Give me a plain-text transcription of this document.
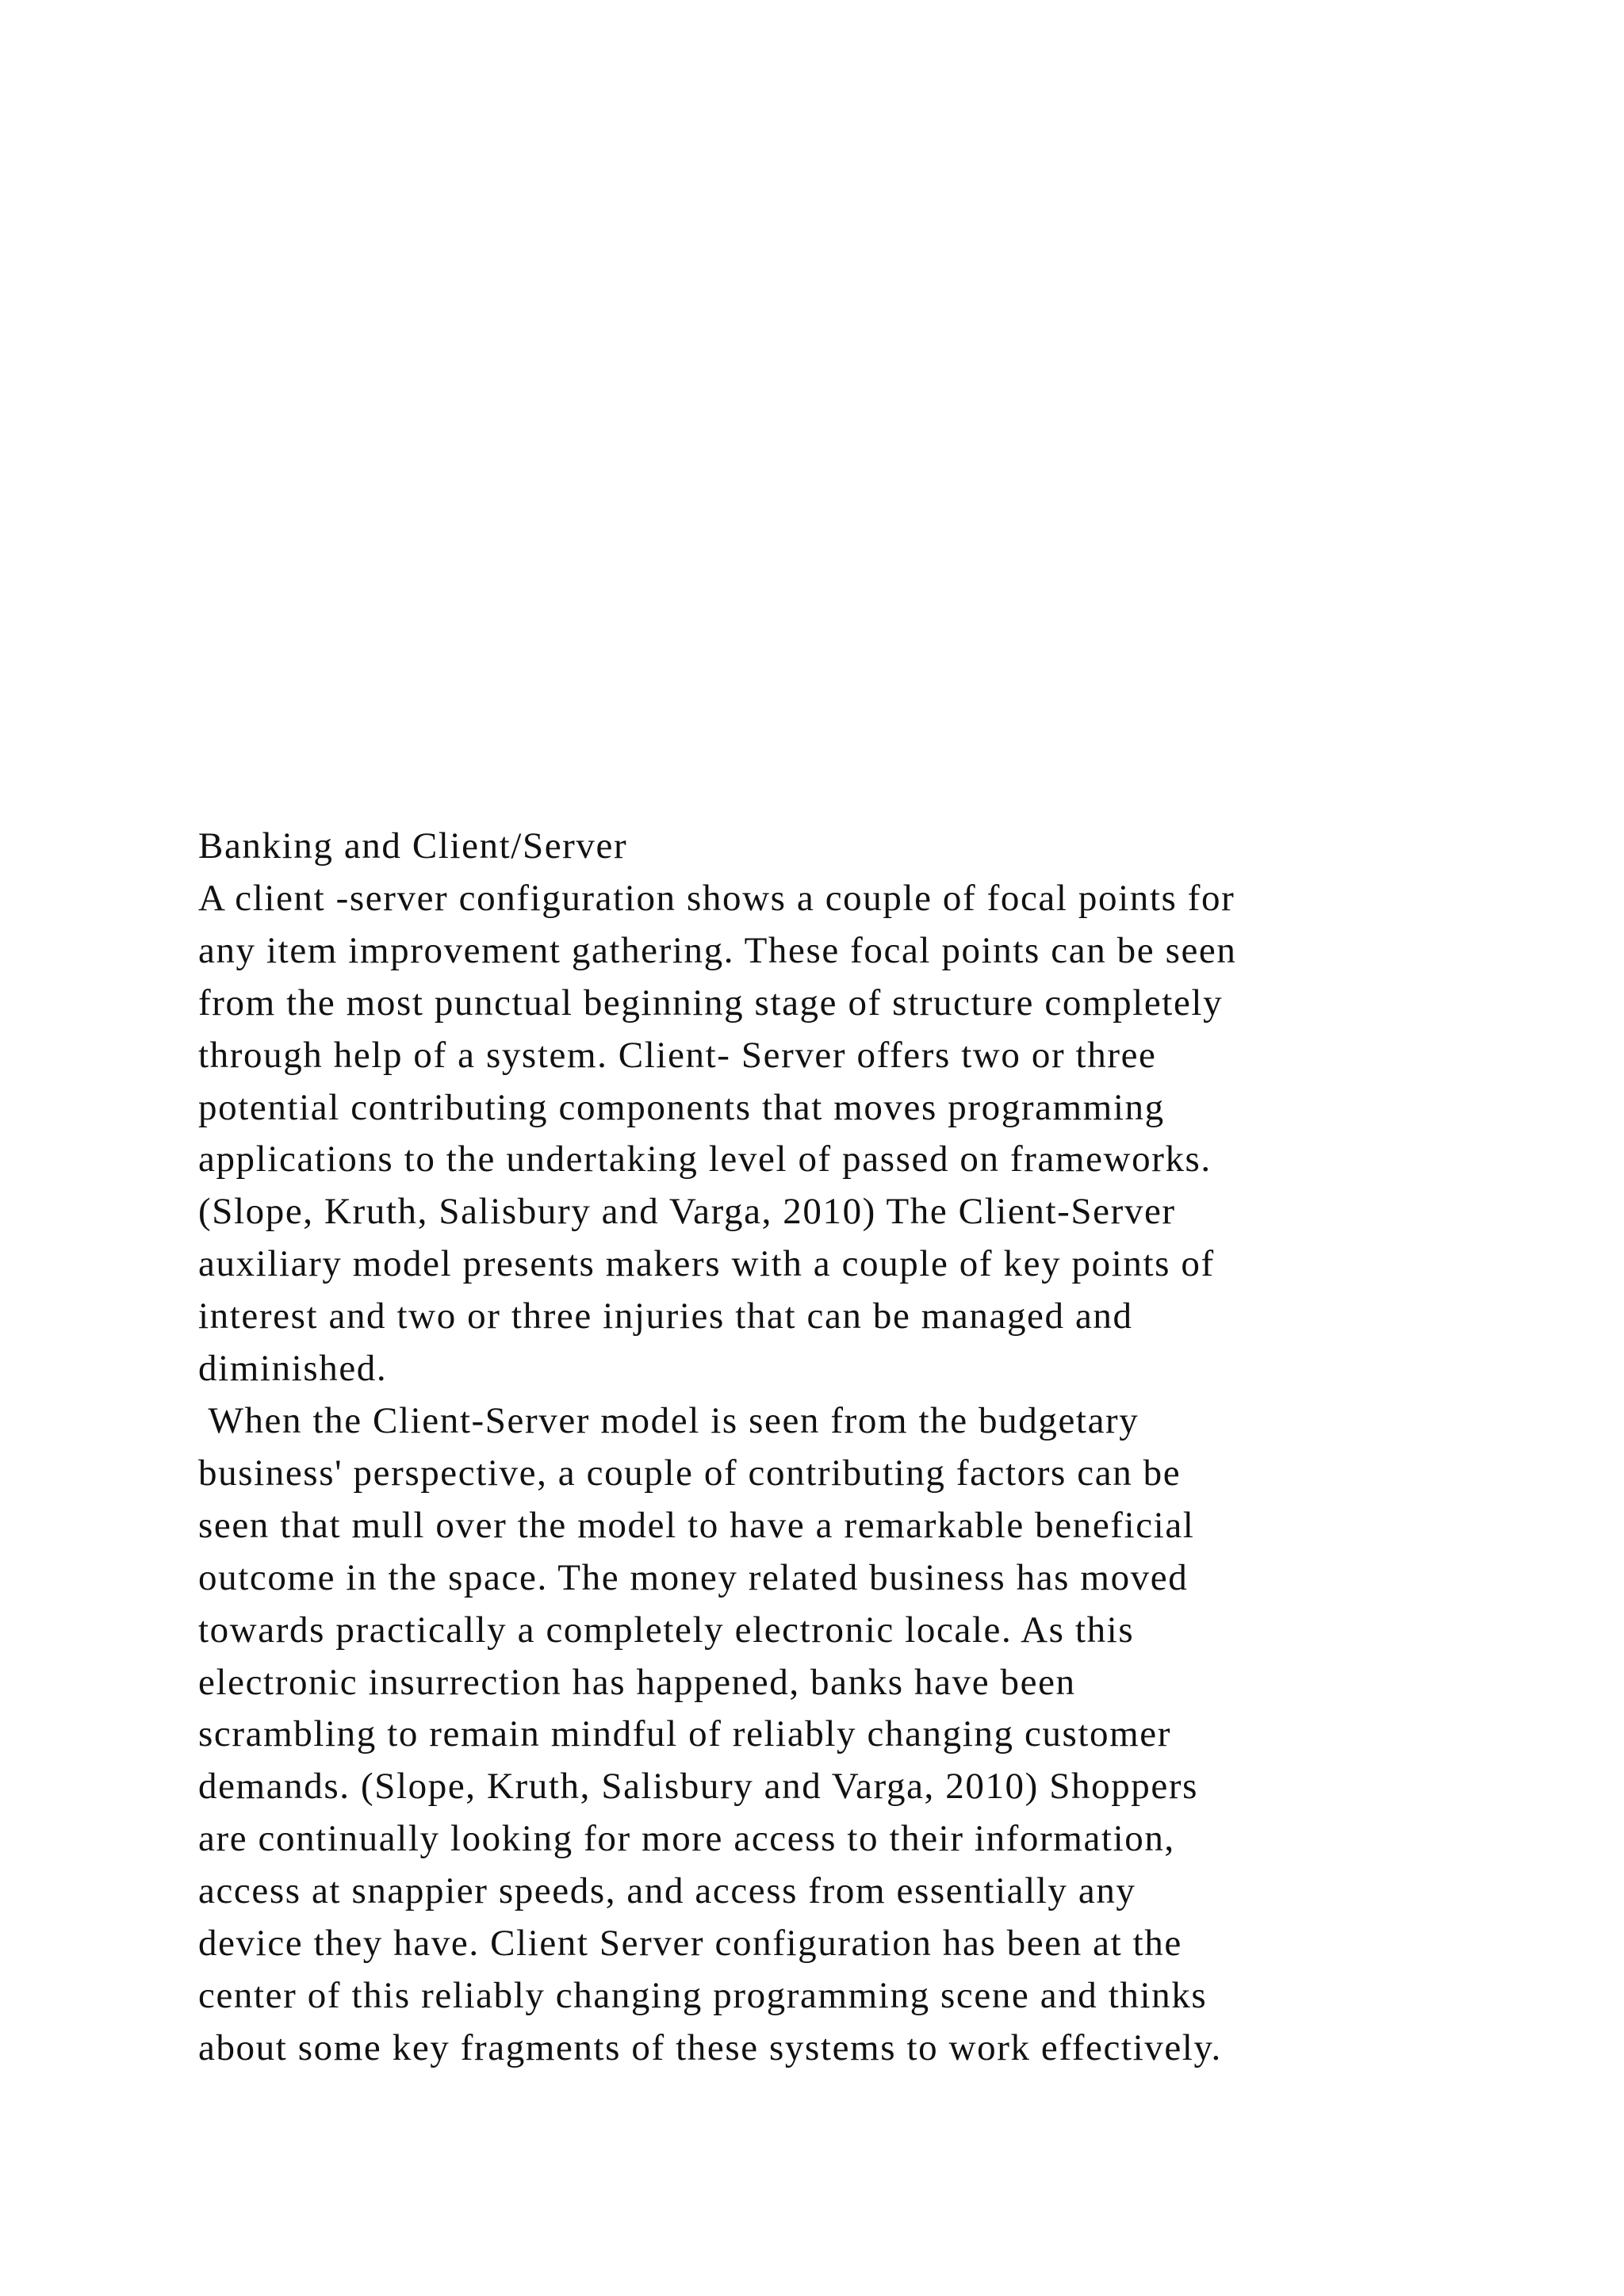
Banking and Client/Server
A client -server configuration shows a couple of focal points for
any item improvement gathering. These focal points can be seen
from the most punctual beginning stage of structure completely
through help of a system. Client- Server offers two or three
potential contributing components that moves programming
applications to the undertaking level of passed on frameworks.
(Slope, Kruth, Salisbury and Varga, 2010) The Client-Server
auxiliary model presents makers with a couple of key points of
interest and two or three injuries that can be managed and
diminished.
When the Client-Server model is seen from the budgetary
business' perspective, a couple of contributing factors can be
seen that mull over the model to have a remarkable beneficial
outcome in the space. The money related business has moved
towards practically a completely electronic locale. As this
electronic insurrection has happened, banks have been
scrambling to remain mindful of reliably changing customer
demands. (Slope, Kruth, Salisbury and Varga, 2010) Shoppers
are continually looking for more access to their information,
access at snappier speeds, and access from essentially any
device they have. Client Server configuration has been at the
center of this reliably changing programming scene and thinks
about some key fragments of these systems to work effectively.
